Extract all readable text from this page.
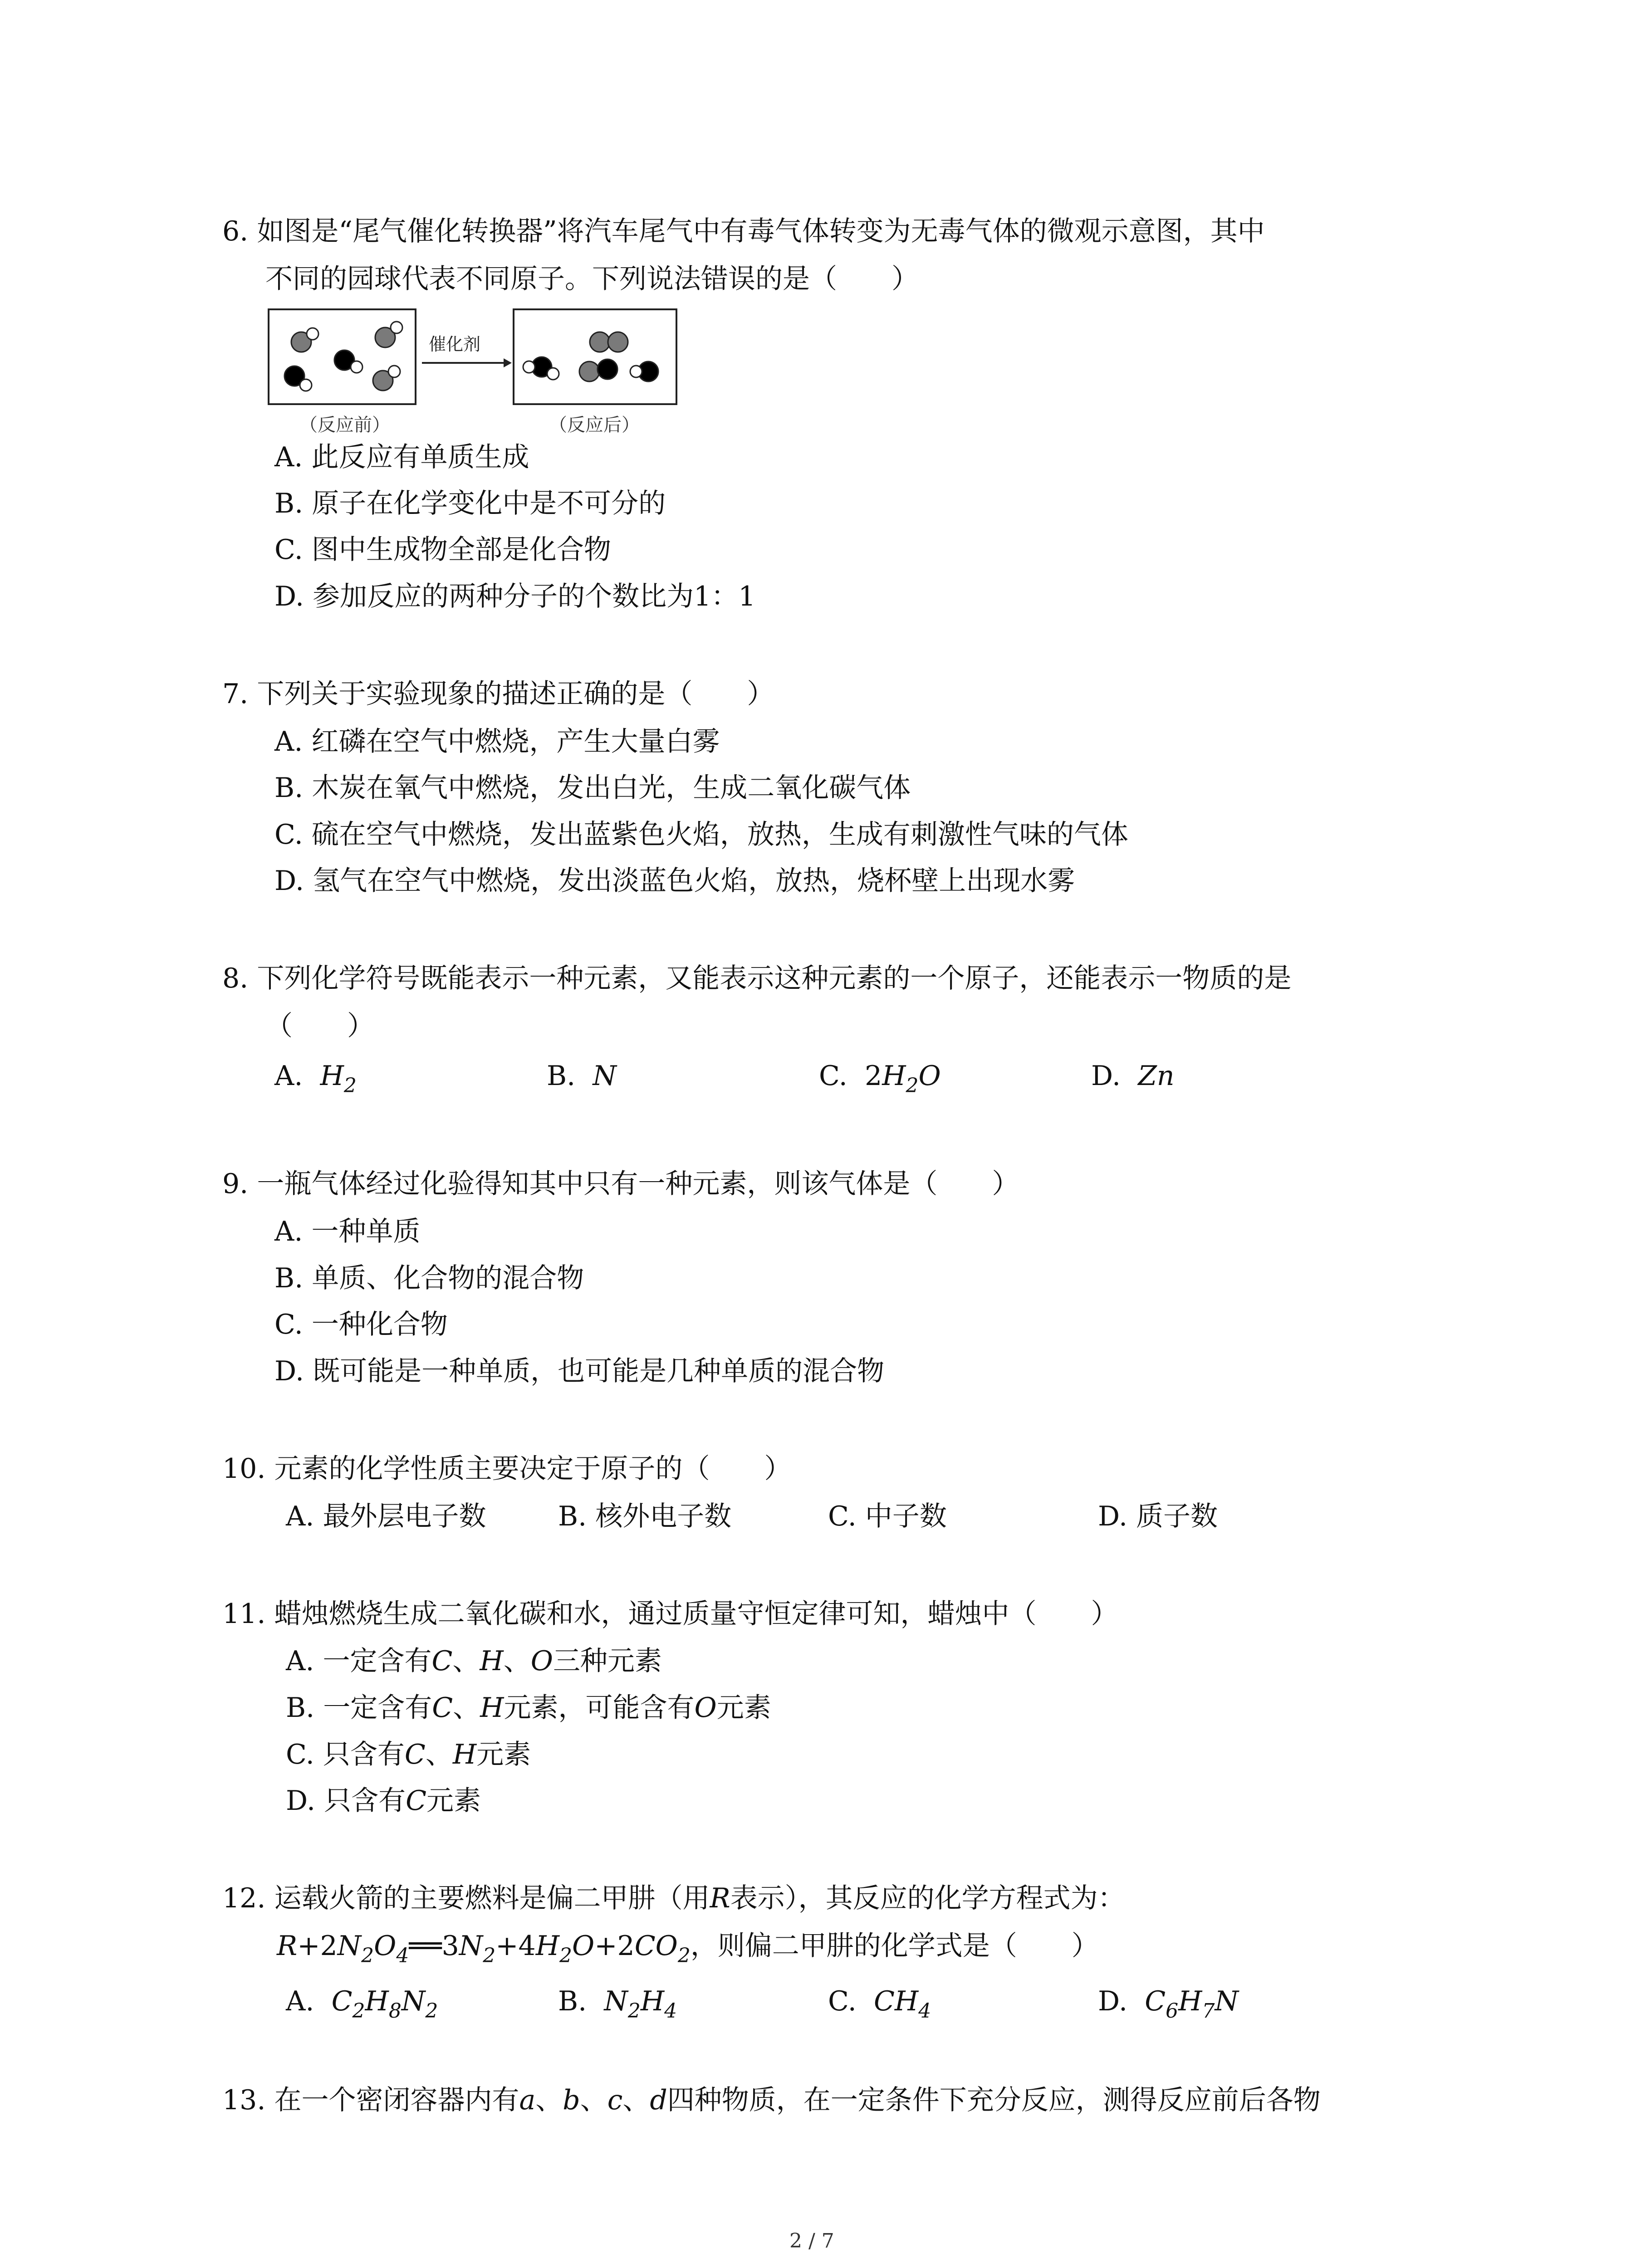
6. 如图是“尾气催化转换器”将汽车尾气中有毒气体转变为无毒气体的微观示意图，其中
不同的园球代表不同原子。下列说法错误的是（　　）
催化剂
（反应前）	（反应后）
A. 此反应有单质生成
B. 原子在化学变化中是不可分的
C. 图中生成物全部是化合物
D. 参加反应的两种分子的个数比为1：1
7. 下列关于实验现象的描述正确的是（　　）
A. 红磷在空气中燃烧，产生大量白雾
B. 木炭在氧气中燃烧，发出白光，生成二氧化碳气体
C. 硫在空气中燃烧，发出蓝紫色火焰，放热，生成有刺激性气味的气体
D. 氢气在空气中燃烧，发出淡蓝色火焰，放热，烧杯壁上出现水雾
8. 下列化学符号既能表示一种元素，又能表示这种元素的一个原子，还能表示一物质的是
（　　）
A. $H_2$	B. N	C. $2H_2O$	D. Zn
9. 一瓶气体经过化验得知其中只有一种元素，则该气体是（　　）
A. 一种单质
B. 单质、化合物的混合物
C. 一种化合物
D. 既可能是一种单质，也可能是几种单质的混合物
10. 元素的化学性质主要决定于原子的（　　）
A. 最外层电子数	B. 核外电子数	C. 中子数	D. 质子数
11. 蜡烛燃烧生成二氧化碳和水，通过质量守恒定律可知，蜡烛中（　　）
A. 一定含有C、H、O三种元素
B. 一定含有C、H元素，可能含有O元素
C. 只含有C、H元素
D. 只含有C元素
12. 运载火箭的主要燃料是偏二甲肼（用R表示），其反应的化学方程式为：
$R+2N_2O_4══3N_2+4H_2O+2CO_2$，则偏二甲肼的化学式是（　　）
A. $C_2H_8N_2$	B. $N_2H_4$	C. $CH_4$	D. $C_6H_7N$
13. 在一个密闭容器内有a、b、c、d四种物质，在一定条件下充分反应，测得反应前后各物
2 / 7
